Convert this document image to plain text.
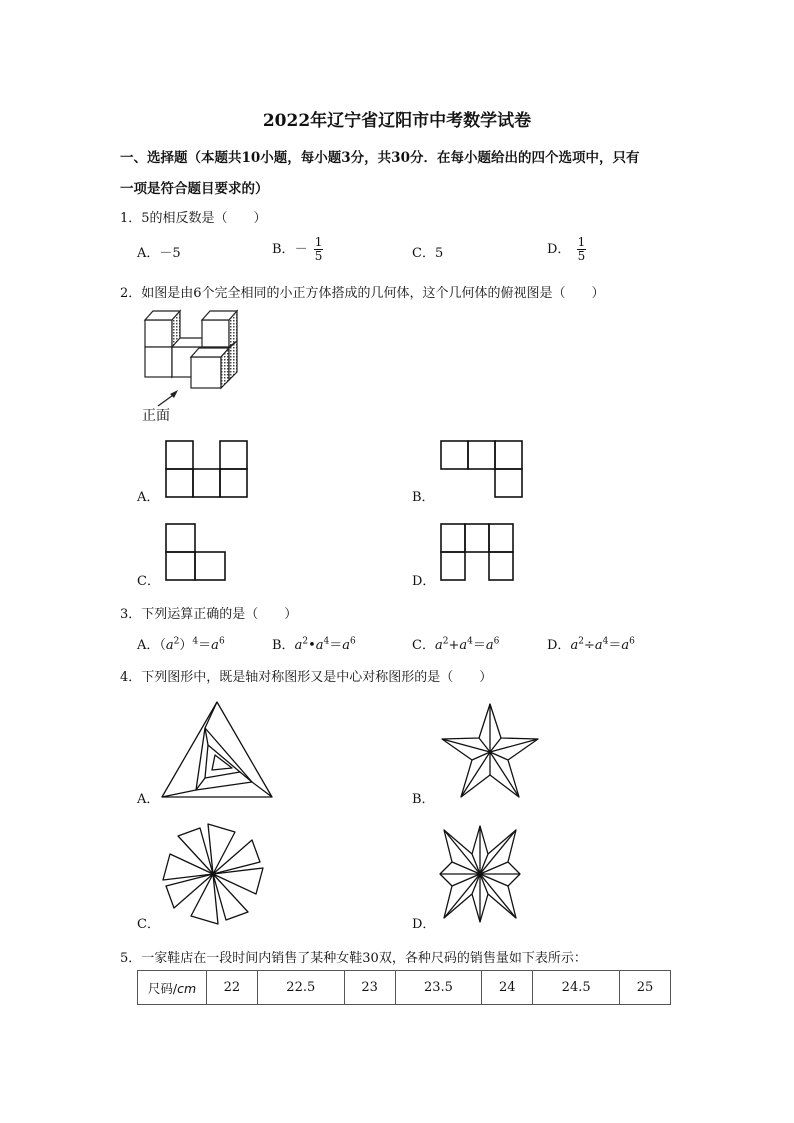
2022年辽宁省辽阳市中考数学试卷
一、选择题（本题共10小题，每小题3分，共30分．在每小题给出的四个选项中，只有
一项是符合题目要求的）
1．5的相反数是（　　）
A．－5	B．－ $\frac{1}{5}$	C．5	D． $\frac{1}{5}$
2．如图是由6个完全相同的小正方体搭成的几何体，这个几何体的俯视图是（　　）
正面
A．	B．
C．	D．
3．下列运算正确的是（　　）
A．$(a^2)^4=a^6$	B．$a^2•a^4=a^6$	C．$a^2+a^4=a^6$	D．$a^2\div a^4=a^6$
4．下列图形中，既是轴对称图形又是中心对称图形的是（　　）
A．	B．
C．	D．
5．一家鞋店在一段时间内销售了某种女鞋30双，各种尺码的销售量如下表所示：
尺码/cm	22	22.5	23	23.5	24	24.5	25
